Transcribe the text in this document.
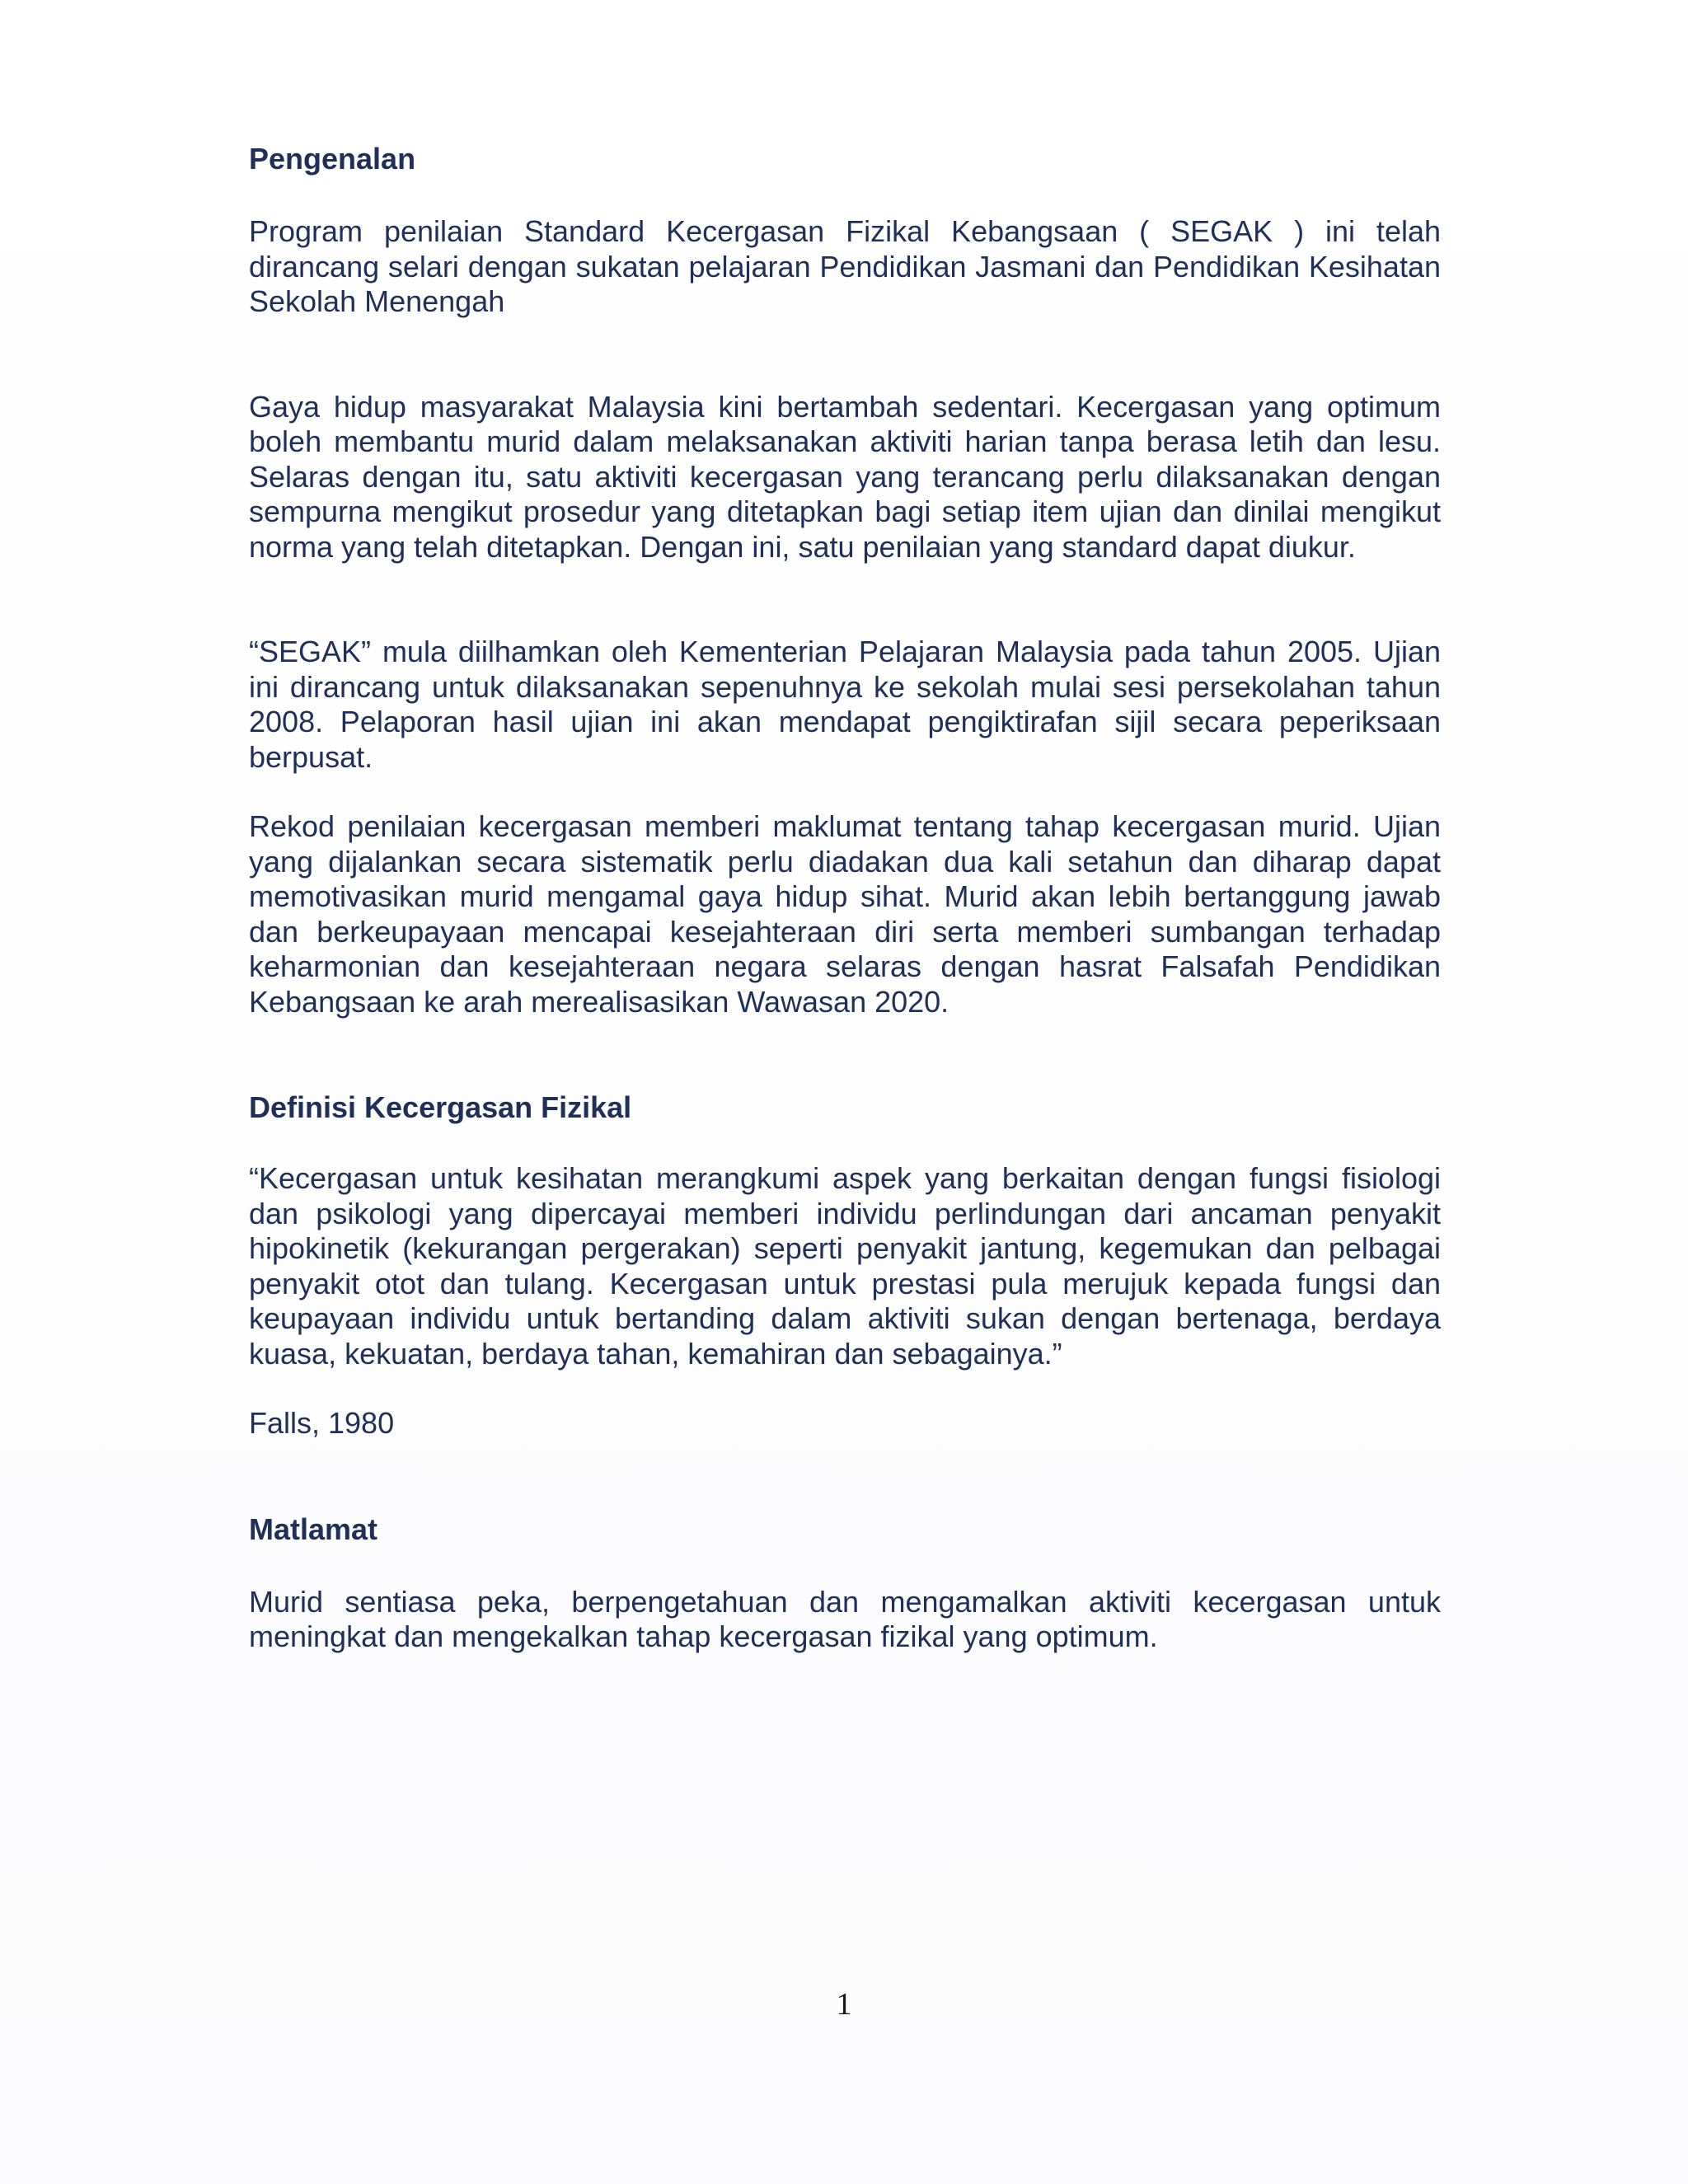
Pengenalan

Program penilaian Standard Kecergasan Fizikal Kebangsaan ( SEGAK ) ini telah dirancang selari dengan sukatan pelajaran Pendidikan Jasmani dan Pendidikan Kesihatan Sekolah Menengah

Gaya hidup masyarakat Malaysia kini bertambah sedentari. Kecergasan yang optimum boleh membantu murid dalam melaksanakan aktiviti harian tanpa berasa letih dan lesu. Selaras dengan itu, satu aktiviti kecergasan yang terancang perlu dilaksanakan dengan sempurna mengikut prosedur yang ditetapkan bagi setiap item ujian dan dinilai mengikut norma yang telah ditetapkan. Dengan ini, satu penilaian yang standard dapat diukur.

“SEGAK” mula diilhamkan oleh Kementerian Pelajaran Malaysia pada tahun 2005. Ujian ini dirancang untuk dilaksanakan sepenuhnya ke sekolah mulai sesi persekolahan tahun 2008. Pelaporan hasil ujian ini akan mendapat pengiktirafan sijil secara peperiksaan berpusat.

Rekod penilaian kecergasan memberi maklumat tentang tahap kecergasan murid. Ujian yang dijalankan secara sistematik perlu diadakan dua kali setahun dan diharap dapat memotivasikan murid mengamal gaya hidup sihat. Murid akan lebih bertanggung jawab dan berkeupayaan mencapai kesejahteraan diri serta memberi sumbangan terhadap keharmonian dan kesejahteraan negara selaras dengan hasrat Falsafah Pendidikan Kebangsaan ke arah merealisasikan Wawasan 2020.

Definisi Kecergasan Fizikal

“Kecergasan untuk kesihatan merangkumi aspek yang berkaitan dengan fungsi fisiologi dan psikologi yang dipercayai memberi individu perlindungan dari ancaman penyakit hipokinetik (kekurangan pergerakan) seperti penyakit jantung, kegemukan dan pelbagai penyakit otot dan tulang. Kecergasan untuk prestasi pula merujuk kepada fungsi dan keupayaan individu untuk bertanding dalam aktiviti sukan dengan bertenaga, berdaya kuasa, kekuatan, berdaya tahan, kemahiran dan sebagainya.”

Falls, 1980

Matlamat

Murid sentiasa peka, berpengetahuan dan mengamalkan aktiviti kecergasan untuk meningkat dan mengekalkan tahap kecergasan fizikal yang optimum.

1
